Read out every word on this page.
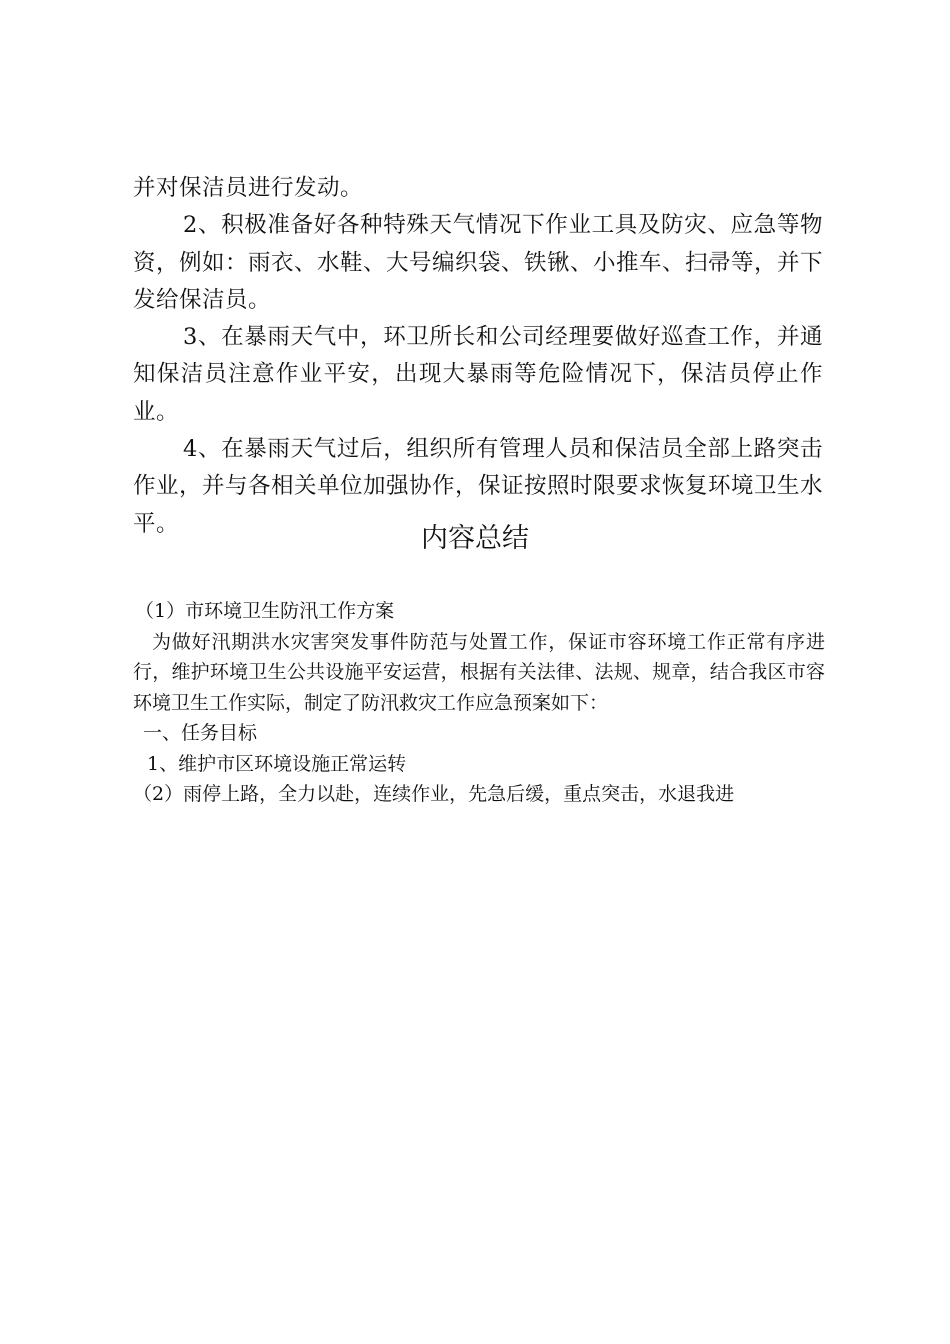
并对保洁员进行发动。

2、积极准备好各种特殊天气情况下作业工具及防灾、应急等物资，例如：雨衣、水鞋、大号编织袋、铁锹、小推车、扫帚等，并下发给保洁员。

3、在暴雨天气中，环卫所长和公司经理要做好巡查工作，并通知保洁员注意作业平安，出现大暴雨等危险情况下，保洁员停止作业。

4、在暴雨天气过后，组织所有管理人员和保洁员全部上路突击作业，并与各相关单位加强协作，保证按照时限要求恢复环境卫生水平。	内容总结

（1）市环境卫生防汛工作方案

为做好汛期洪水灾害突发事件防范与处置工作，保证市容环境工作正常有序进行，维护环境卫生公共设施平安运营，根据有关法律、法规、规章，结合我区市容环境卫生工作实际，制定了防汛救灾工作应急预案如下：

一、任务目标

1、维护市区环境设施正常运转

（2）雨停上路，全力以赴，连续作业，先急后缓，重点突击，水退我进
